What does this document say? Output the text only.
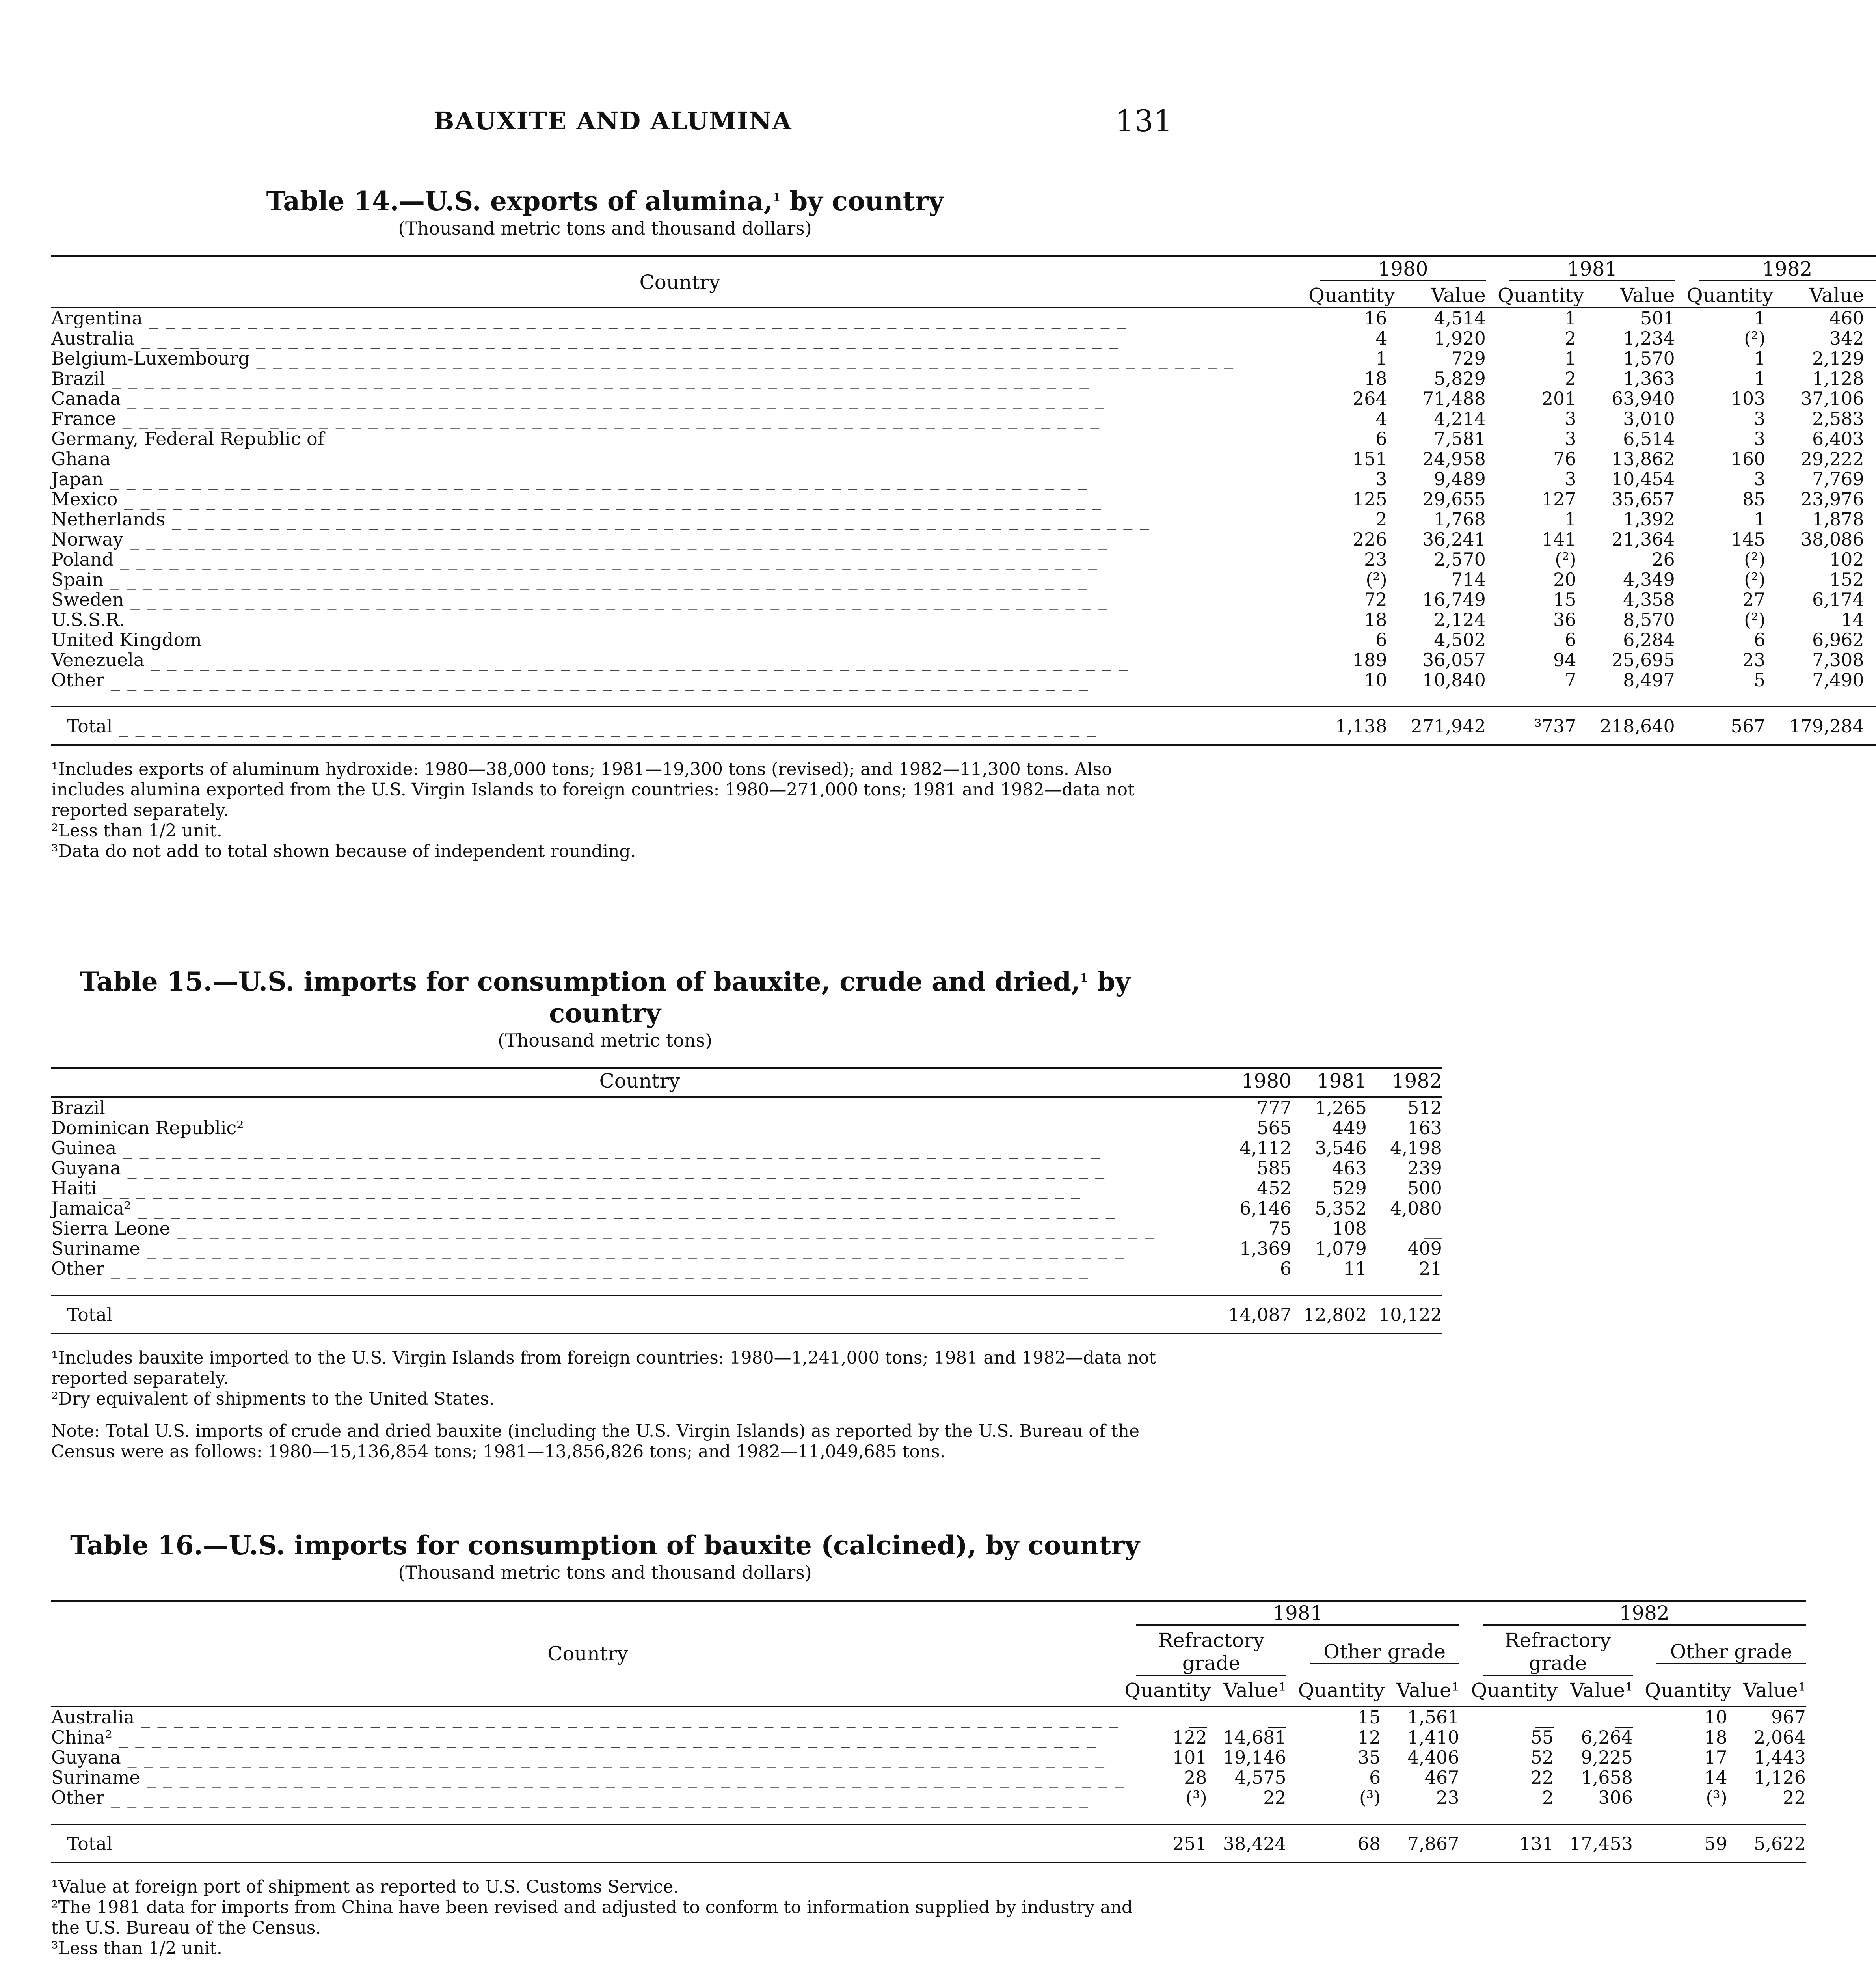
BAUXITE AND ALUMINA	131
Table 14.—U.S. exports of alumina,$^1$ by country
(Thousand metric tons and thousand dollars)
Country	1980		1981		1982	

	Quantity	Value	Quantity	Value	Quantity	Value
Argentina _ _ _ _ _ _ _ _ _ _ _ _ _ _ _ _ _ _ _ _ _ _ _ _ _ _ _ _ _ _ _ _ _ _ _ _ _ _ _ _ _ _ _ _ _ _ _ _ _ _ _ _ _ _ _ _ _ _ _ _	16	4,514	1	501	1	460
Australia _ _ _ _ _ _ _ _ _ _ _ _ _ _ _ _ _ _ _ _ _ _ _ _ _ _ _ _ _ _ _ _ _ _ _ _ _ _ _ _ _ _ _ _ _ _ _ _ _ _ _ _ _ _ _ _ _ _ _ _	4	1,920	2	1,234	(²)	342
Belgium-Luxembourg _ _ _ _ _ _ _ _ _ _ _ _ _ _ _ _ _ _ _ _ _ _ _ _ _ _ _ _ _ _ _ _ _ _ _ _ _ _ _ _ _ _ _ _ _ _ _ _ _ _ _ _ _ _ _ _ _ _ _ _	1	729	1	1,570	1	2,129
Brazil _ _ _ _ _ _ _ _ _ _ _ _ _ _ _ _ _ _ _ _ _ _ _ _ _ _ _ _ _ _ _ _ _ _ _ _ _ _ _ _ _ _ _ _ _ _ _ _ _ _ _ _ _ _ _ _ _ _ _ _	18	5,829	2	1,363	1	1,128
Canada _ _ _ _ _ _ _ _ _ _ _ _ _ _ _ _ _ _ _ _ _ _ _ _ _ _ _ _ _ _ _ _ _ _ _ _ _ _ _ _ _ _ _ _ _ _ _ _ _ _ _ _ _ _ _ _ _ _ _ _	264	71,488	201	63,940	103	37,106
France _ _ _ _ _ _ _ _ _ _ _ _ _ _ _ _ _ _ _ _ _ _ _ _ _ _ _ _ _ _ _ _ _ _ _ _ _ _ _ _ _ _ _ _ _ _ _ _ _ _ _ _ _ _ _ _ _ _ _ _	4	4,214	3	3,010	3	2,583
Germany, Federal Republic of _ _ _ _ _ _ _ _ _ _ _ _ _ _ _ _ _ _ _ _ _ _ _ _ _ _ _ _ _ _ _ _ _ _ _ _ _ _ _ _ _ _ _ _ _ _ _ _ _ _ _ _ _ _ _ _ _ _ _ _	6	7,581	3	6,514	3	6,403
Ghana _ _ _ _ _ _ _ _ _ _ _ _ _ _ _ _ _ _ _ _ _ _ _ _ _ _ _ _ _ _ _ _ _ _ _ _ _ _ _ _ _ _ _ _ _ _ _ _ _ _ _ _ _ _ _ _ _ _ _ _	151	24,958	76	13,862	160	29,222
Japan _ _ _ _ _ _ _ _ _ _ _ _ _ _ _ _ _ _ _ _ _ _ _ _ _ _ _ _ _ _ _ _ _ _ _ _ _ _ _ _ _ _ _ _ _ _ _ _ _ _ _ _ _ _ _ _ _ _ _ _	3	9,489	3	10,454	3	7,769
Mexico _ _ _ _ _ _ _ _ _ _ _ _ _ _ _ _ _ _ _ _ _ _ _ _ _ _ _ _ _ _ _ _ _ _ _ _ _ _ _ _ _ _ _ _ _ _ _ _ _ _ _ _ _ _ _ _ _ _ _ _	125	29,655	127	35,657	85	23,976
Netherlands _ _ _ _ _ _ _ _ _ _ _ _ _ _ _ _ _ _ _ _ _ _ _ _ _ _ _ _ _ _ _ _ _ _ _ _ _ _ _ _ _ _ _ _ _ _ _ _ _ _ _ _ _ _ _ _ _ _ _ _	2	1,768	1	1,392	1	1,878
Norway _ _ _ _ _ _ _ _ _ _ _ _ _ _ _ _ _ _ _ _ _ _ _ _ _ _ _ _ _ _ _ _ _ _ _ _ _ _ _ _ _ _ _ _ _ _ _ _ _ _ _ _ _ _ _ _ _ _ _ _	226	36,241	141	21,364	145	38,086
Poland _ _ _ _ _ _ _ _ _ _ _ _ _ _ _ _ _ _ _ _ _ _ _ _ _ _ _ _ _ _ _ _ _ _ _ _ _ _ _ _ _ _ _ _ _ _ _ _ _ _ _ _ _ _ _ _ _ _ _ _	23	2,570	(²)	26	(²)	102
Spain _ _ _ _ _ _ _ _ _ _ _ _ _ _ _ _ _ _ _ _ _ _ _ _ _ _ _ _ _ _ _ _ _ _ _ _ _ _ _ _ _ _ _ _ _ _ _ _ _ _ _ _ _ _ _ _ _ _ _ _	(²)	714	20	4,349	(²)	152
Sweden _ _ _ _ _ _ _ _ _ _ _ _ _ _ _ _ _ _ _ _ _ _ _ _ _ _ _ _ _ _ _ _ _ _ _ _ _ _ _ _ _ _ _ _ _ _ _ _ _ _ _ _ _ _ _ _ _ _ _ _	72	16,749	15	4,358	27	6,174
U.S.S.R. _ _ _ _ _ _ _ _ _ _ _ _ _ _ _ _ _ _ _ _ _ _ _ _ _ _ _ _ _ _ _ _ _ _ _ _ _ _ _ _ _ _ _ _ _ _ _ _ _ _ _ _ _ _ _ _ _ _ _ _	18	2,124	36	8,570	(²)	14
United Kingdom _ _ _ _ _ _ _ _ _ _ _ _ _ _ _ _ _ _ _ _ _ _ _ _ _ _ _ _ _ _ _ _ _ _ _ _ _ _ _ _ _ _ _ _ _ _ _ _ _ _ _ _ _ _ _ _ _ _ _ _	6	4,502	6	6,284	6	6,962
Venezuela _ _ _ _ _ _ _ _ _ _ _ _ _ _ _ _ _ _ _ _ _ _ _ _ _ _ _ _ _ _ _ _ _ _ _ _ _ _ _ _ _ _ _ _ _ _ _ _ _ _ _ _ _ _ _ _ _ _ _ _	189	36,057	94	25,695	23	7,308
Other _ _ _ _ _ _ _ _ _ _ _ _ _ _ _ _ _ _ _ _ _ _ _ _ _ _ _ _ _ _ _ _ _ _ _ _ _ _ _ _ _ _ _ _ _ _ _ _ _ _ _ _ _ _ _ _ _ _ _ _	10	10,840	7	8,497	5	7,490

Total _ _ _ _ _ _ _ _ _ _ _ _ _ _ _ _ _ _ _ _ _ _ _ _ _ _ _ _ _ _ _ _ _ _ _ _ _ _ _ _ _ _ _ _ _ _ _ _ _ _ _ _ _ _ _ _ _ _ _ _	1,138	271,942	³737	218,640	567	179,284

¹Includes exports of aluminum hydroxide: 1980—38,000 tons; 1981—19,300 tons (revised); and 1982—11,300 tons. Also includes alumina exported from the U.S. Virgin Islands to foreign countries: 1980—271,000 tons; 1981 and 1982—data not reported separately.

²Less than 1/2 unit.

³Data do not add to total shown because of independent rounding.

Table 15.—U.S. imports for consumption of bauxite, crude and dried,$^1$ by country
(Thousand metric tons)
Country	1980	1981	1982
Brazil _ _ _ _ _ _ _ _ _ _ _ _ _ _ _ _ _ _ _ _ _ _ _ _ _ _ _ _ _ _ _ _ _ _ _ _ _ _ _ _ _ _ _ _ _ _ _ _ _ _ _ _ _ _ _ _ _ _ _ _	777	1,265	512
Dominican Republic² _ _ _ _ _ _ _ _ _ _ _ _ _ _ _ _ _ _ _ _ _ _ _ _ _ _ _ _ _ _ _ _ _ _ _ _ _ _ _ _ _ _ _ _ _ _ _ _ _ _ _ _ _ _ _ _ _ _ _ _	565	449	163
Guinea _ _ _ _ _ _ _ _ _ _ _ _ _ _ _ _ _ _ _ _ _ _ _ _ _ _ _ _ _ _ _ _ _ _ _ _ _ _ _ _ _ _ _ _ _ _ _ _ _ _ _ _ _ _ _ _ _ _ _ _	4,112	3,546	4,198
Guyana _ _ _ _ _ _ _ _ _ _ _ _ _ _ _ _ _ _ _ _ _ _ _ _ _ _ _ _ _ _ _ _ _ _ _ _ _ _ _ _ _ _ _ _ _ _ _ _ _ _ _ _ _ _ _ _ _ _ _ _	585	463	239
Haiti _ _ _ _ _ _ _ _ _ _ _ _ _ _ _ _ _ _ _ _ _ _ _ _ _ _ _ _ _ _ _ _ _ _ _ _ _ _ _ _ _ _ _ _ _ _ _ _ _ _ _ _ _ _ _ _ _ _ _ _	452	529	500
Jamaica² _ _ _ _ _ _ _ _ _ _ _ _ _ _ _ _ _ _ _ _ _ _ _ _ _ _ _ _ _ _ _ _ _ _ _ _ _ _ _ _ _ _ _ _ _ _ _ _ _ _ _ _ _ _ _ _ _ _ _ _	6,146	5,352	4,080
Sierra Leone _ _ _ _ _ _ _ _ _ _ _ _ _ _ _ _ _ _ _ _ _ _ _ _ _ _ _ _ _ _ _ _ _ _ _ _ _ _ _ _ _ _ _ _ _ _ _ _ _ _ _ _ _ _ _ _ _ _ _ _	75	108	__
Suriname _ _ _ _ _ _ _ _ _ _ _ _ _ _ _ _ _ _ _ _ _ _ _ _ _ _ _ _ _ _ _ _ _ _ _ _ _ _ _ _ _ _ _ _ _ _ _ _ _ _ _ _ _ _ _ _ _ _ _ _	1,369	1,079	409
Other _ _ _ _ _ _ _ _ _ _ _ _ _ _ _ _ _ _ _ _ _ _ _ _ _ _ _ _ _ _ _ _ _ _ _ _ _ _ _ _ _ _ _ _ _ _ _ _ _ _ _ _ _ _ _ _ _ _ _ _	6	11	21

Total _ _ _ _ _ _ _ _ _ _ _ _ _ _ _ _ _ _ _ _ _ _ _ _ _ _ _ _ _ _ _ _ _ _ _ _ _ _ _ _ _ _ _ _ _ _ _ _ _ _ _ _ _ _ _ _ _ _ _ _	14,087	12,802	10,122

¹Includes bauxite imported to the U.S. Virgin Islands from foreign countries: 1980—1,241,000 tons; 1981 and 1982—data not reported separately.

²Dry equivalent of shipments to the United States.

Note: Total U.S. imports of crude and dried bauxite (including the U.S. Virgin Islands) as reported by the U.S. Bureau of the Census were as follows: 1980—15,136,854 tons; 1981—13,856,826 tons; and 1982—11,049,685 tons.
Table 16.—U.S. imports for consumption of bauxite (calcined), by country
(Thousand metric tons and thousand dollars)
Country	1981				1982			

	Refractory grade		Other grade		Refractory grade		Other grade	

	Quantity	Value¹	Quantity	Value¹	Quantity	Value¹	Quantity	Value¹
Australia _ _ _ _ _ _ _ _ _ _ _ _ _ _ _ _ _ _ _ _ _ _ _ _ _ _ _ _ _ _ _ _ _ _ _ _ _ _ _ _ _ _ _ _ _ _ _ _ _ _ _ _ _ _ _ _ _ _ _ _	__	__	15	1,561	__	__	10	967
China² _ _ _ _ _ _ _ _ _ _ _ _ _ _ _ _ _ _ _ _ _ _ _ _ _ _ _ _ _ _ _ _ _ _ _ _ _ _ _ _ _ _ _ _ _ _ _ _ _ _ _ _ _ _ _ _ _ _ _ _	122	14,681	12	1,410	55	6,264	18	2,064
Guyana _ _ _ _ _ _ _ _ _ _ _ _ _ _ _ _ _ _ _ _ _ _ _ _ _ _ _ _ _ _ _ _ _ _ _ _ _ _ _ _ _ _ _ _ _ _ _ _ _ _ _ _ _ _ _ _ _ _ _ _	101	19,146	35	4,406	52	9,225	17	1,443
Suriname _ _ _ _ _ _ _ _ _ _ _ _ _ _ _ _ _ _ _ _ _ _ _ _ _ _ _ _ _ _ _ _ _ _ _ _ _ _ _ _ _ _ _ _ _ _ _ _ _ _ _ _ _ _ _ _ _ _ _ _	28	4,575	6	467	22	1,658	14	1,126
Other _ _ _ _ _ _ _ _ _ _ _ _ _ _ _ _ _ _ _ _ _ _ _ _ _ _ _ _ _ _ _ _ _ _ _ _ _ _ _ _ _ _ _ _ _ _ _ _ _ _ _ _ _ _ _ _ _ _ _ _	(³)	22	(³)	23	2	306	(³)	22

Total _ _ _ _ _ _ _ _ _ _ _ _ _ _ _ _ _ _ _ _ _ _ _ _ _ _ _ _ _ _ _ _ _ _ _ _ _ _ _ _ _ _ _ _ _ _ _ _ _ _ _ _ _ _ _ _ _ _ _ _	251	38,424	68	7,867	131	17,453	59	5,622

¹Value at foreign port of shipment as reported to U.S. Customs Service.

²The 1981 data for imports from China have been revised and adjusted to conform to information supplied by industry and the U.S. Bureau of the Census.

³Less than 1/2 unit.
